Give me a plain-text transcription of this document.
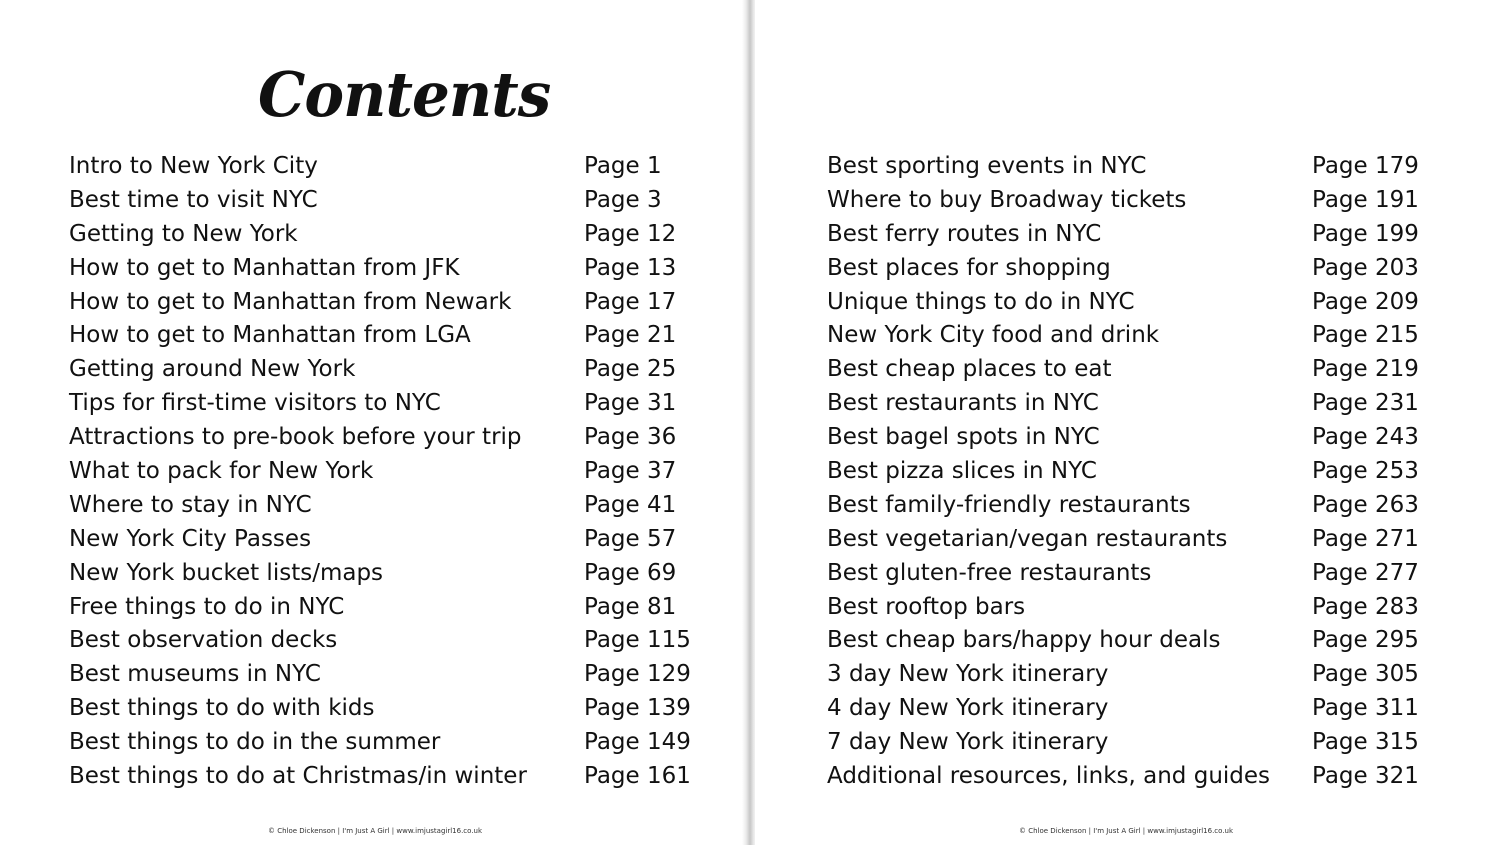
Contents
Intro to New York City	Page 1
Best time to visit NYC	Page 3
Getting to New York	Page 12
How to get to Manhattan from JFK	Page 13
How to get to Manhattan from Newark	Page 17
How to get to Manhattan from LGA	Page 21
Getting around New York	Page 25
Tips for first-time visitors to NYC	Page 31
Attractions to pre-book before your trip	Page 36
What to pack for New York	Page 37
Where to stay in NYC	Page 41
New York City Passes	Page 57
New York bucket lists/maps	Page 69
Free things to do in NYC	Page 81
Best observation decks	Page 115
Best museums in NYC	Page 129
Best things to do with kids	Page 139
Best things to do in the summer	Page 149
Best things to do at Christmas/in winter Page 161
© Chloe Dickenson | I'm Just A Girl | www.imjustagirl16.co.uk
Best sporting events in NYC	Page 179
Where to buy Broadway tickets	Page 191
Best ferry routes in NYC	Page 199
Best places for shopping	Page 203
Unique things to do in NYC	Page 209
New York City food and drink	Page 215
Best cheap places to eat	Page 219
Best restaurants in NYC	Page 231
Best bagel spots in NYC	Page 243
Best pizza slices in NYC	Page 253
Best family-friendly restaurants	Page 263
Best vegetarian/vegan restaurants	Page 271
Best gluten-free restaurants	Page 277
Best rooftop bars	Page 283
Best cheap bars/happy hour deals	Page 295
3 day New York itinerary	Page 305
4 day New York itinerary	Page 311
7 day New York itinerary	Page 315
Additional resources, links, and guides Page 321
© Chloe Dickenson | I'm Just A Girl | www.imjustagirl16.co.uk
